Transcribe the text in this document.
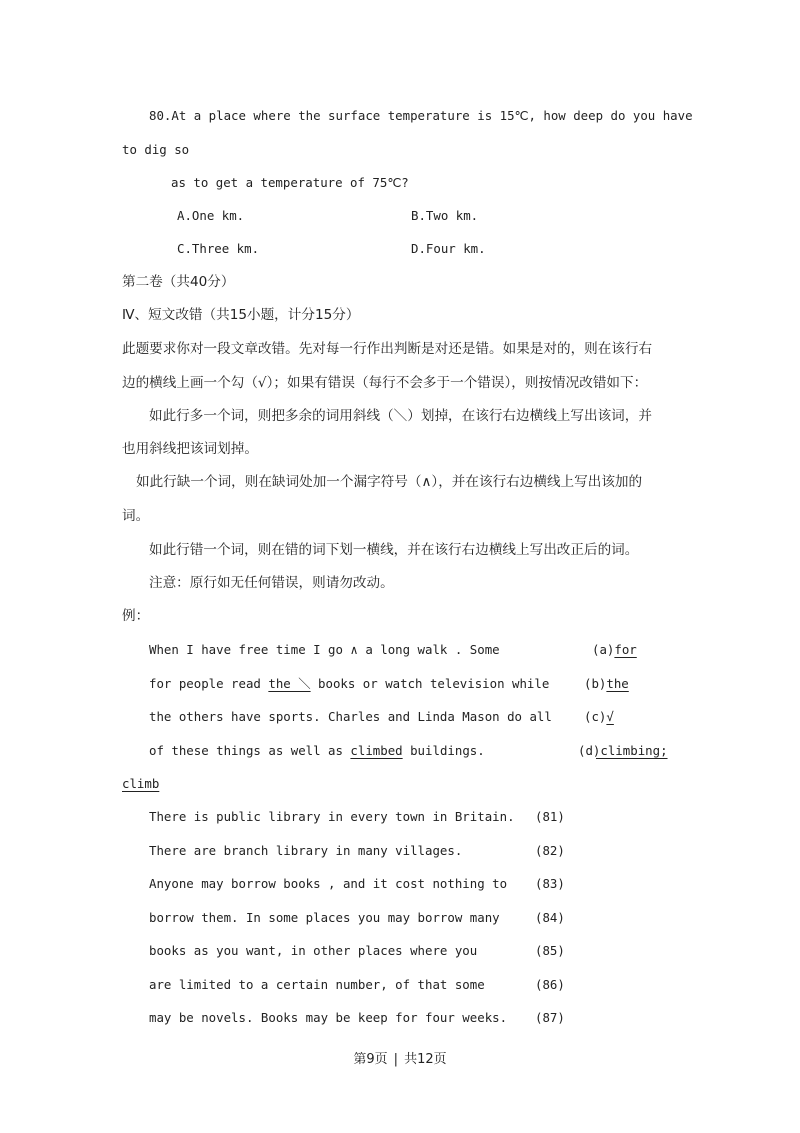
80.At a place where the surface temperature is 15℃, how deep do you have
to dig so
as to get a temperature of 75℃?
A.One km.	B.Two km.
C.Three km.	D.Four km.
第二卷（共40分）
Ⅳ、短文改错（共15小题，计分15分）
此题要求你对一段文章改错。先对每一行作出判断是对还是错。如果是对的，则在该行右
边的横线上画一个勾（√）；如果有错误（每行不会多于一个错误），则按情况改错如下：
如此行多一个词，则把多余的词用斜线（＼）划掉，在该行右边横线上写出该词，并
也用斜线把该词划掉。
如此行缺一个词，则在缺词处加一个漏字符号（∧），并在该行右边横线上写出该加的
词。
如此行错一个词，则在错的词下划一横线，并在该行右边横线上写出改正后的词。
注意：原行如无任何错误，则请勿改动。
例：
When I have free time I go ∧ a long walk . Some	(a)for
for people read the ＼ books or watch television while	(b)the
the others have sports. Charles and Linda Mason do all	(c)√
of these things as well as climbed buildings.	(d)climbing;
climb
There is public library in every town in Britain. (81)
There are branch library in many villages.	(82)
Anyone may borrow books , and it cost nothing to (83)
borrow them. In some places you may borrow many	(84)
books as you want, in other places where you	(85)
are limited to a certain number, of that some	(86)
may be novels. Books may be keep for four weeks. (87)
第9页 | 共12页
